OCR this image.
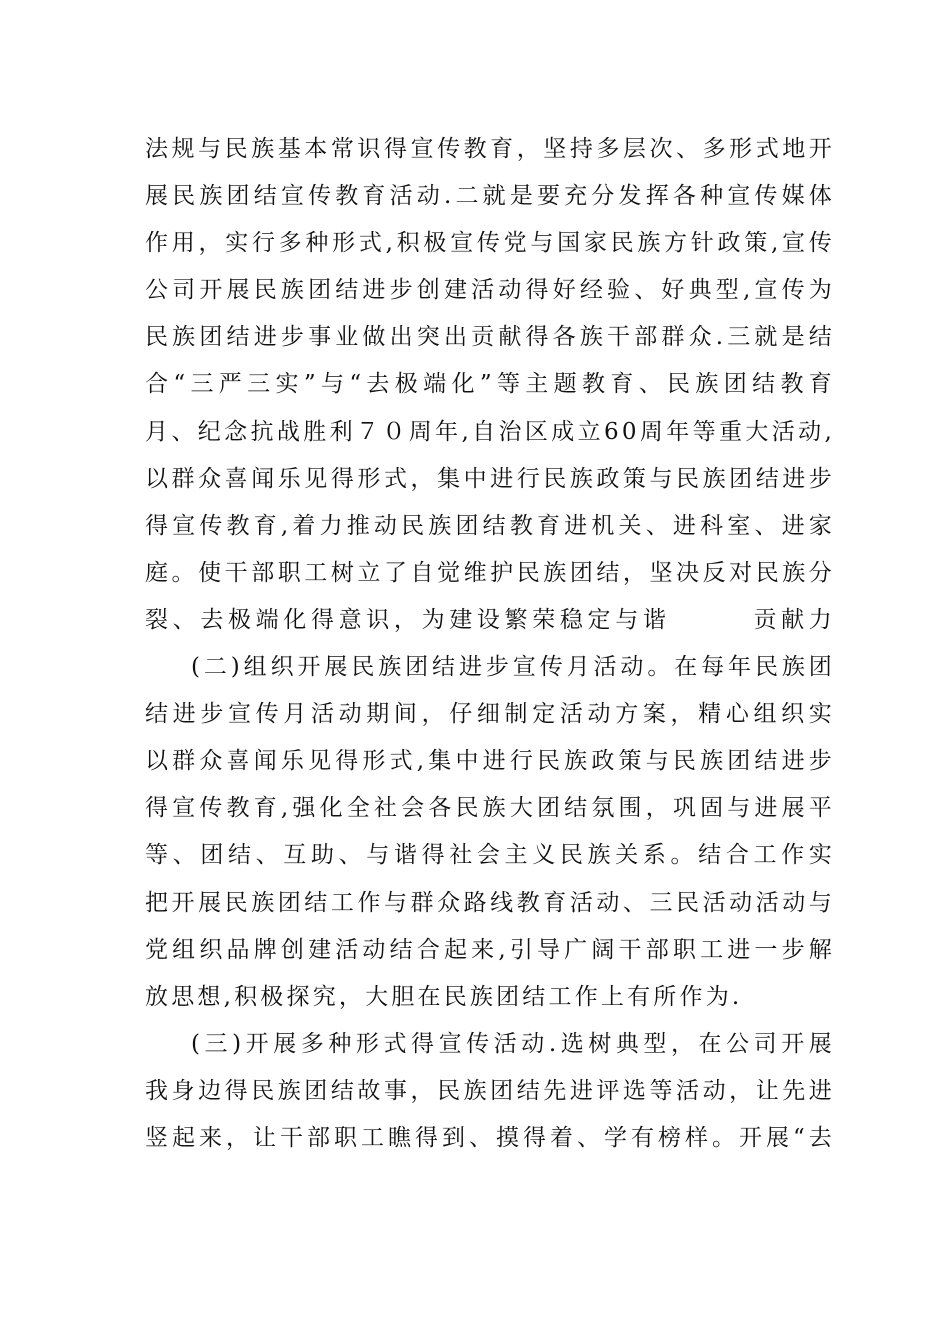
法规与民族基本常识得宣传教育，坚持多层次、多形式地开
展民族团结宣传教育活动.二就是要充分发挥各种宣传媒体
作用，实行多种形式,积极宣传党与国家民族方针政策,宣传
公司开展民族团结进步创建活动得好经验、好典型,宣传为
民族团结进步事业做出突出贡献得各族干部群众.三就是结
合“三严三实”与“去极端化”等主题教育、民族团结教育
月、纪念抗战胜利７０周年,自治区成立60周年等重大活动,
以群众喜闻乐见得形式，集中进行民族政策与民族团结进步
得宣传教育,着力推动民族团结教育进机关、进科室、进家
庭。使干部职工树立了自觉维护民族团结，坚决反对民族分
裂、去极端化得意识，为建设繁荣稳定与谐　　　贡献力
(二)组织开展民族团结进步宣传月活动。在每年民族团
结进步宣传月活动期间，仔细制定活动方案，精心组织实
以群众喜闻乐见得形式,集中进行民族政策与民族团结进步
得宣传教育,强化全社会各民族大团结氛围，巩固与进展平
等、团结、互助、与谐得社会主义民族关系。结合工作实
把开展民族团结工作与群众路线教育活动、三民活动活动与
党组织品牌创建活动结合起来,引导广阔干部职工进一步解
放思想,积极探究，大胆在民族团结工作上有所作为.
(三)开展多种形式得宣传活动.选树典型，在公司开展
我身边得民族团结故事，民族团结先进评选等活动，让先进
竖起来，让干部职工瞧得到、摸得着、学有榜样。开展“去
